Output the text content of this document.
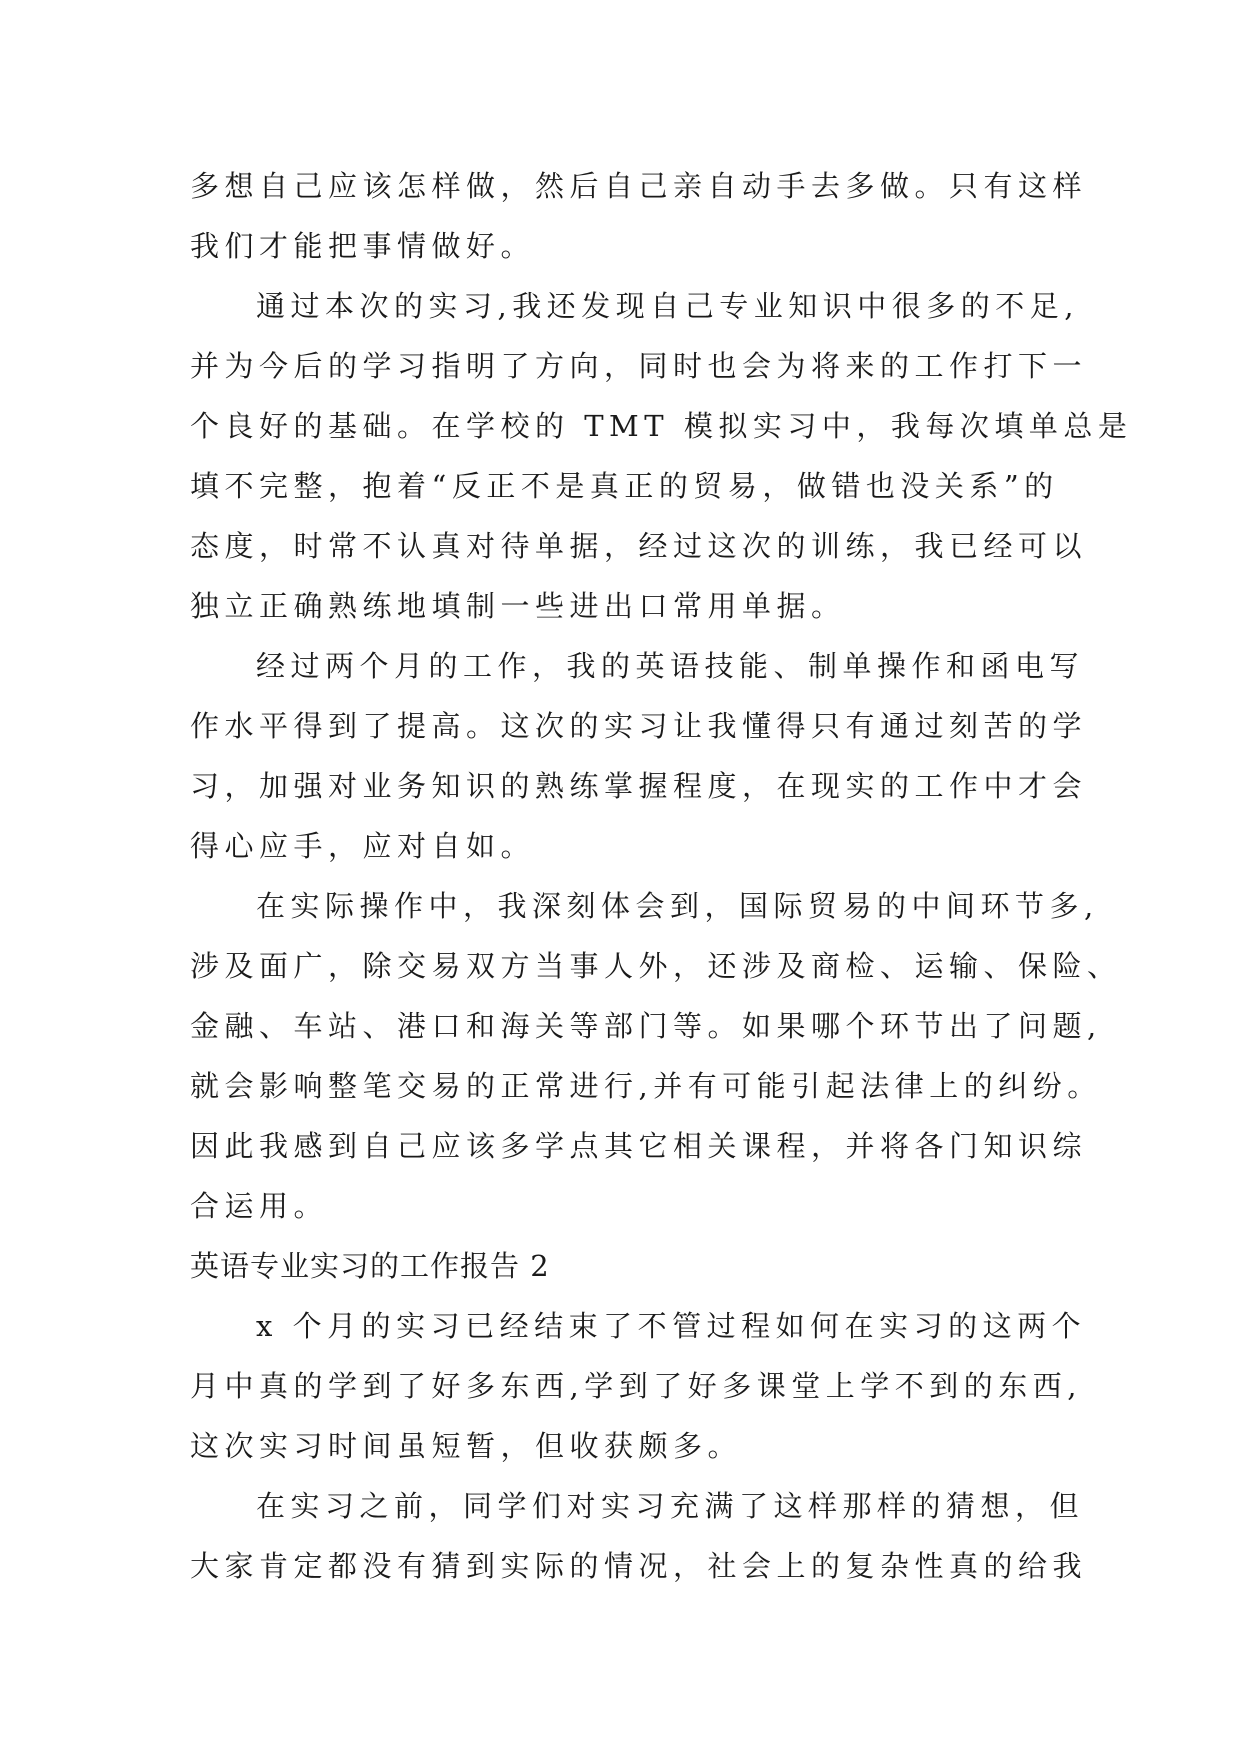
多想自己应该怎样做，然后自己亲自动手去多做。只有这样
我们才能把事情做好。
通过本次的实习,我还发现自己专业知识中很多的不足,
并为今后的学习指明了方向，同时也会为将来的工作打下一
个良好的基础。在学校的 TMT 模拟实习中，我每次填单总是
填不完整，抱着“反正不是真正的贸易，做错也没关系”的
态度，时常不认真对待单据，经过这次的训练，我已经可以
独立正确熟练地填制一些进出口常用单据。
经过两个月的工作，我的英语技能、制单操作和函电写
作水平得到了提高。这次的实习让我懂得只有通过刻苦的学
习，加强对业务知识的熟练掌握程度，在现实的工作中才会
得心应手，应对自如。
在实际操作中，我深刻体会到，国际贸易的中间环节多,
涉及面广，除交易双方当事人外，还涉及商检、运输、保险、
金融、车站、港口和海关等部门等。如果哪个环节出了问题,
就会影响整笔交易的正常进行,并有可能引起法律上的纠纷。
因此我感到自己应该多学点其它相关课程，并将各门知识综
合运用。
英语专业实习的工作报告 2
x 个月的实习已经结束了不管过程如何在实习的这两个
月中真的学到了好多东西,学到了好多课堂上学不到的东西,
这次实习时间虽短暂，但收获颇多。
在实习之前，同学们对实习充满了这样那样的猜想，但
大家肯定都没有猜到实际的情况，社会上的复杂性真的给我
